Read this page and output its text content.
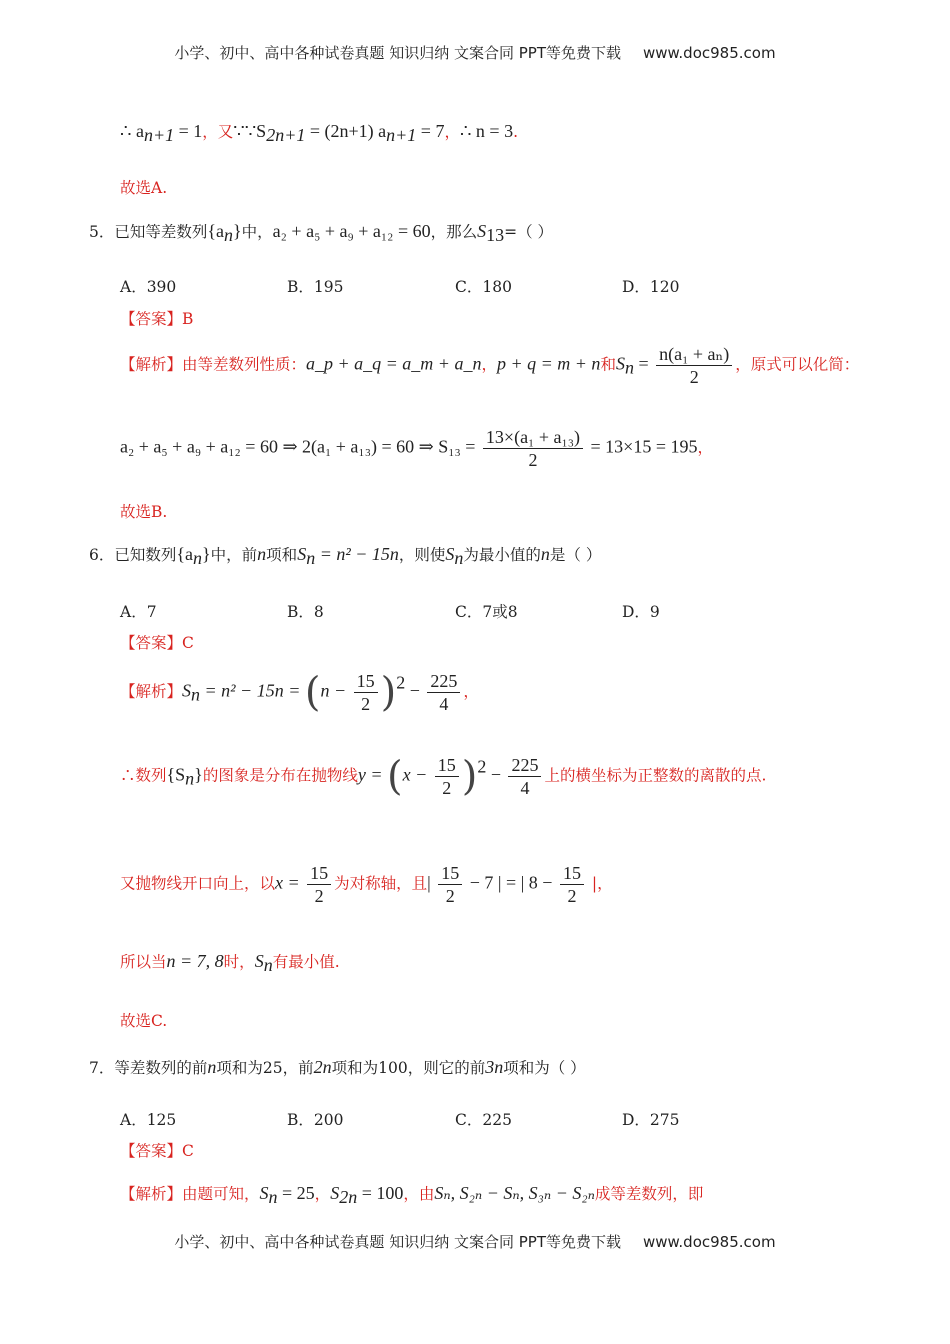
小学、初中、高中各种试卷真题 知识归纳 文案合同 PPT等免费下载 www.doc985.com
小学、初中、高中各种试卷真题 知识归纳 文案合同 PPT等免费下载 www.doc985.com
∴ $a_{n+1} = 1$，又$\because\because S_{2n+1} = (2n+1) a_{n+1} = 7$，∴ n = 3.
故选A.
5．已知等差数列$\{a_n\}$中，a₂ + a₅ + a₉ + a₁₂ = 60，那么$S_{13}=$（ ）
A．390	B．195	C．180	D．120
【答案】B
【解析】由等差数列性质：a_p + a_q = a_m + a_n，p + q = m + n和$S_n = \frac{\text{n(a₁ + aₙ)}}{2}$ ，原式可以化简：
a₂ + a₅ + a₉ + a₁₂ = 60 ⇒ 2(a₁ + a₁₃) = 60 ⇒ $S_{13} = \frac{\text{13×(a₁ + a₁₃)}}{2} = 13\times 15 = 195$，
故选B.
6．已知数列$\{a_n\}$中，前n项和$S_n = n^2 - 15n$，则使$S_n$为最小值的n是（ ）
A．7	B．8	C．7或8	D．9
【答案】C
【解析】$S_n = n^2 - 15n = (n - \frac{15}{2} )^2 - \frac{225}{4}$ ，
∴数列$\{S_n\}$的图象是分布在抛物线$y = (x - \frac{15}{2} )^2 - \frac{225}{4}$ 上的横坐标为正整数的离散的点.
又抛物线开口向上，以$x = \frac{15}{2}$ 为对称轴，且| $\frac{15}{2} - 7$ | = | $8 - \frac{15}{2}$ |，
所以当n = 7, 8时，$S_n$有最小值.
故选C.
7．等差数列的前n项和为25，前2n项和为100，则它的前3n项和为（ ）
A．125	B．200	C．225	D．275
【答案】C
【解析】由题可知，$S_n = 25$，$S_{2n} = 100$，由Sₙ, S₂ₙ − Sₙ, S₃ₙ − S₂ₙ成等差数列，即
